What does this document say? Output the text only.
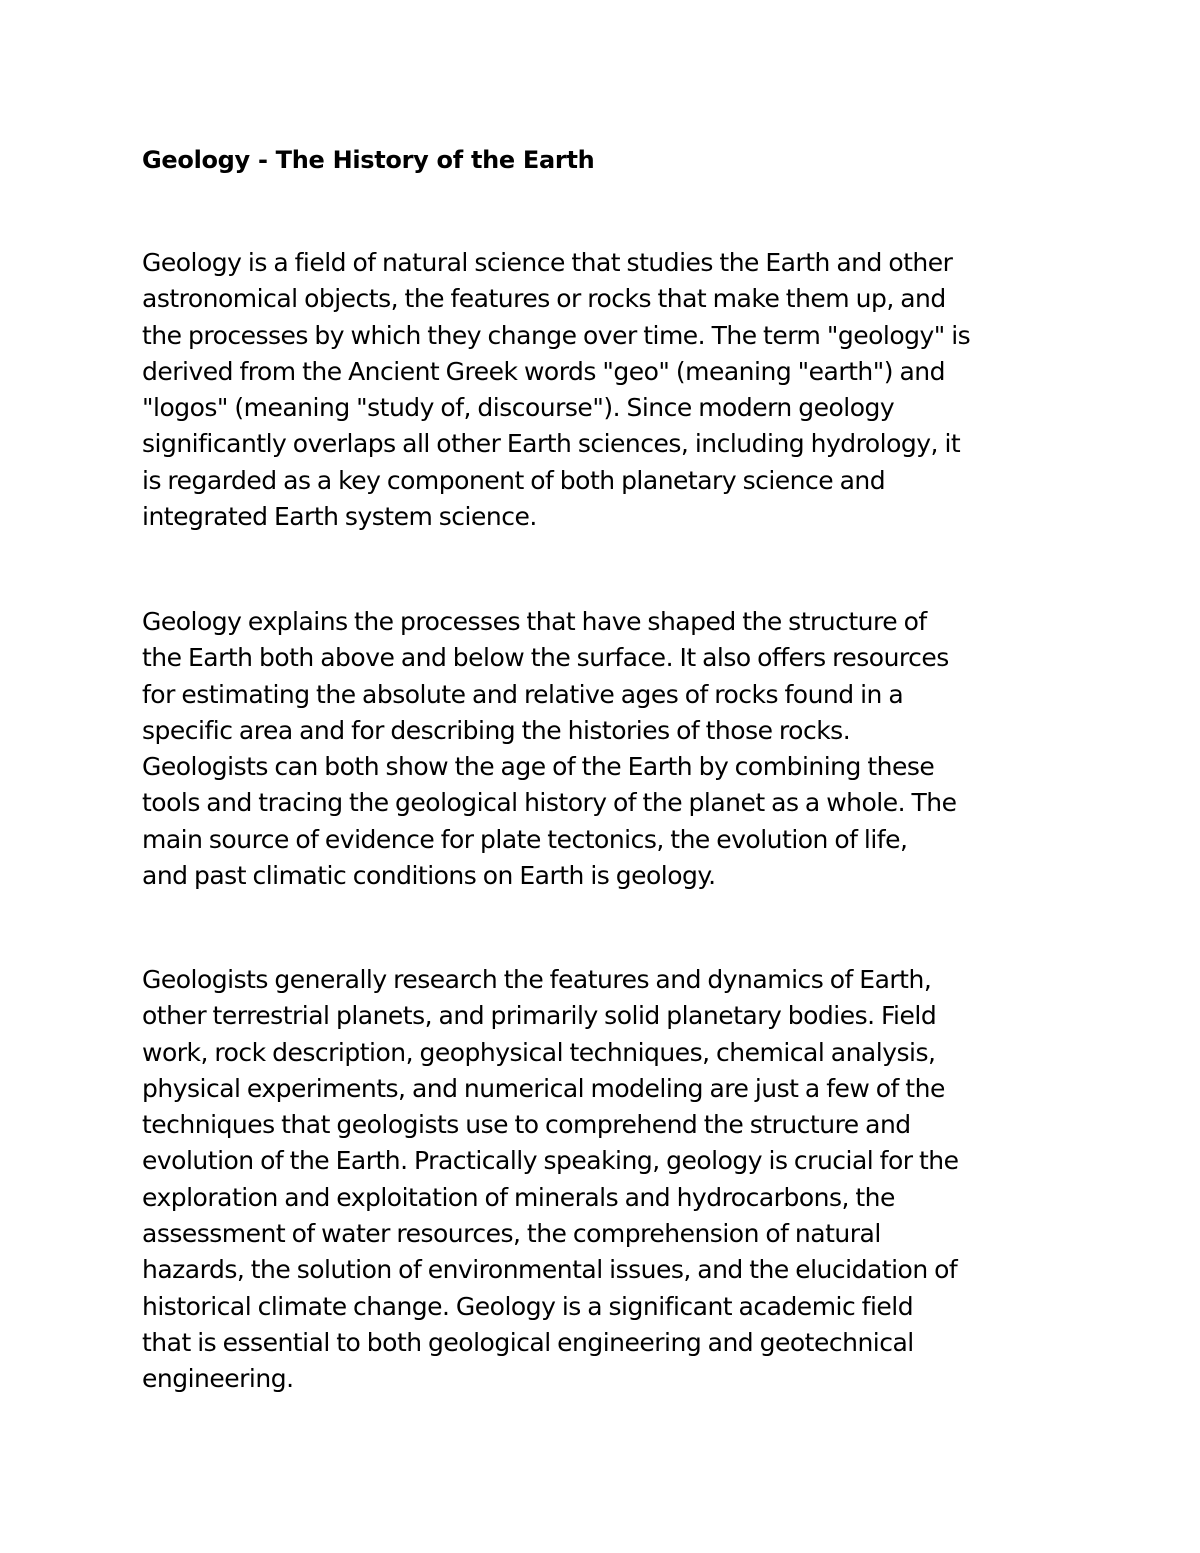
Geology - The History of the Earth

Geology is a field of natural science that studies the Earth and other
astronomical objects, the features or rocks that make them up, and
the processes by which they change over time. The term "geology" is
derived from the Ancient Greek words "geo" (meaning "earth") and
"logos" (meaning "study of, discourse"). Since modern geology
significantly overlaps all other Earth sciences, including hydrology, it
is regarded as a key component of both planetary science and
integrated Earth system science.

Geology explains the processes that have shaped the structure of
the Earth both above and below the surface. It also offers resources
for estimating the absolute and relative ages of rocks found in a
specific area and for describing the histories of those rocks.
Geologists can both show the age of the Earth by combining these
tools and tracing the geological history of the planet as a whole. The
main source of evidence for plate tectonics, the evolution of life,
and past climatic conditions on Earth is geology.

Geologists generally research the features and dynamics of Earth,
other terrestrial planets, and primarily solid planetary bodies. Field
work, rock description, geophysical techniques, chemical analysis,
physical experiments, and numerical modeling are just a few of the
techniques that geologists use to comprehend the structure and
evolution of the Earth. Practically speaking, geology is crucial for the
exploration and exploitation of minerals and hydrocarbons, the
assessment of water resources, the comprehension of natural
hazards, the solution of environmental issues, and the elucidation of
historical climate change. Geology is a significant academic field
that is essential to both geological engineering and geotechnical
engineering.
